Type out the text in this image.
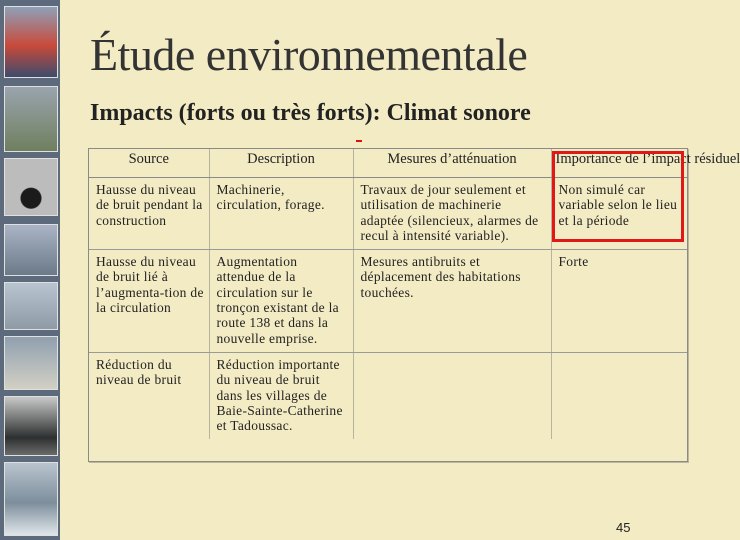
Étude environnementale
Impacts (forts ou très forts): Climat sonore
Source	Description	Mesures d’atténuation	Importance de l’impact résiduel
Hausse du niveau de bruit pendant la construction	Machinerie, circulation, forage.	Travaux de jour seulement et utilisation de machinerie adaptée (silencieux, alarmes de recul à intensité variable).	Non simulé car variable selon le lieu et la période
Hausse du niveau de bruit lié à l’augmenta-tion de la circulation	Augmentation attendue de la circulation sur le tronçon existant de la route 138 et dans la nouvelle emprise.	Mesures antibruits et déplacement des habitations touchées.	Forte
Réduction du niveau de bruit	Réduction importante du niveau de bruit dans les villages de Baie-Sainte-Catherine et Tadoussac.		
45
